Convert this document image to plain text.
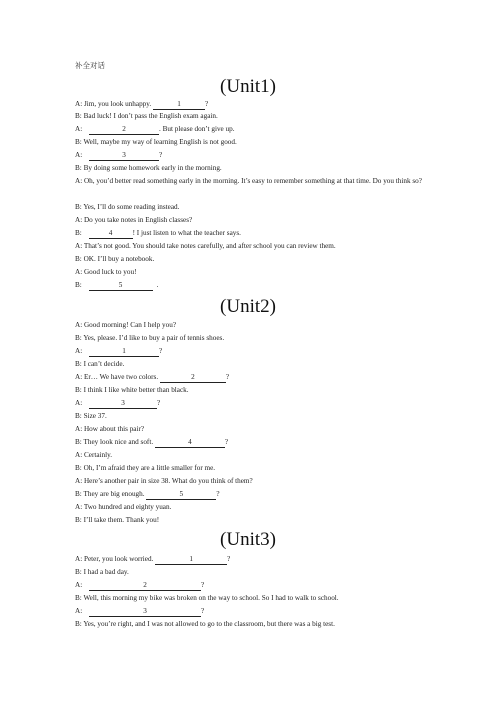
补全对话
(Unit1)
A: Jim, you look unhappy.	1	?
B: Bad luck! I don’t pass the English exam again.
A:	2	. But please don’t give up.
B: Well, maybe my way of learning English is not good.
A:	3	?
B: By doing some homework early in the morning.
A: Oh, you’d better read something early in the morning. It’s easy to remember something at that time. Do you think so?
B: Yes, I’ll do some reading instead.
A: Do you take notes in English classes?
B:	4	! I just listen to what the teacher says.
A: That’s not good. You should take notes carefully, and after school you can review them.
B: OK. I’ll buy a notebook.
A: Good luck to you!
B:	5	.
(Unit2)
A: Good morning! Can I help you?
B: Yes, please. I’d like to buy a pair of tennis shoes.
A:	1	?
B: I can’t decide.
A: Er… We have two colors.	2	?
B: I think I like white better than black.
A:	3	?
B: Size 37.
A: How about this pair?
B: They look nice and soft.	4	?
A: Certainly.
B: Oh, I’m afraid they are a little smaller for me.
A: Here’s another pair in size 38. What do you think of them?
B: They are big enough.	5	?
A: Two hundred and eighty yuan.
B: I’ll take them. Thank you!
(Unit3)
A: Peter, you look worried.	1	?
B: I had a bad day.
A:	2	?
B: Well, this morning my bike was broken on the way to school. So I had to walk to school.
A:	3	?
B: Yes, you’re right, and I was not allowed to go to the classroom, but there was a big test.
